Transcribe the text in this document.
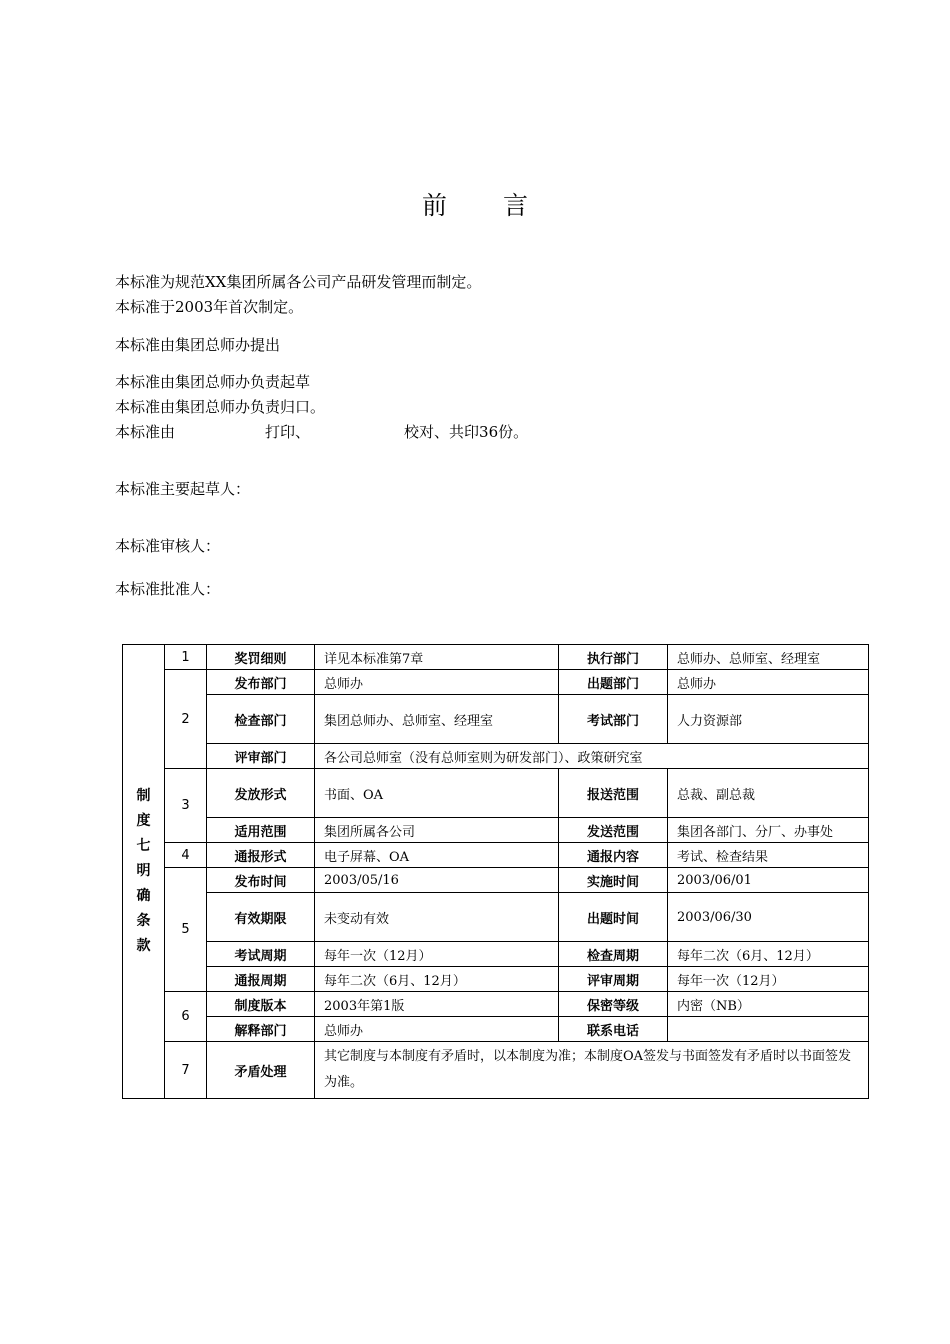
前 言
本标准为规范XX集团所属各公司产品研发管理而制定。
本标准于2003年首次制定。
本标准由集团总师办提出
本标准由集团总师办负责起草
本标准由集团总师办负责归口。
本标准由	打印、	校对、共印36份。
本标准主要起草人：
本标准审核人：
本标准批准人：
制度七明确条款	1	奖罚细则	详见本标准第7章	执行部门	总师办、总师室、经理室
	2	发布部门	总师办	出题部门	总师办
		检查部门	集团总师办、总师室、经理室	考试部门	人力资源部
		评审部门	各公司总师室（没有总师室则为研发部门）、政策研究室		
	3	发放形式	书面、OA	报送范围	总裁、副总裁
		适用范围	集团所属各公司	发送范围	集团各部门、分厂、办事处
	4	通报形式	电子屏幕、OA	通报内容	考试、检查结果
	5	发布时间	2003/05/16	实施时间	2003/06/01
		有效期限	未变动有效	出题时间	2003/06/30
		考试周期	每年一次（12月）	检查周期	每年二次（6月、12月）
		通报周期	每年二次（6月、12月）	评审周期	每年一次（12月）
	6	制度版本	2003年第1版	保密等级	内密（NB）
		解释部门	总师办	联系电话	
	7	矛盾处理	其它制度与本制度有矛盾时，以本制度为准；本制度OA签发与书面签发有矛盾时以书面签发为准。		
